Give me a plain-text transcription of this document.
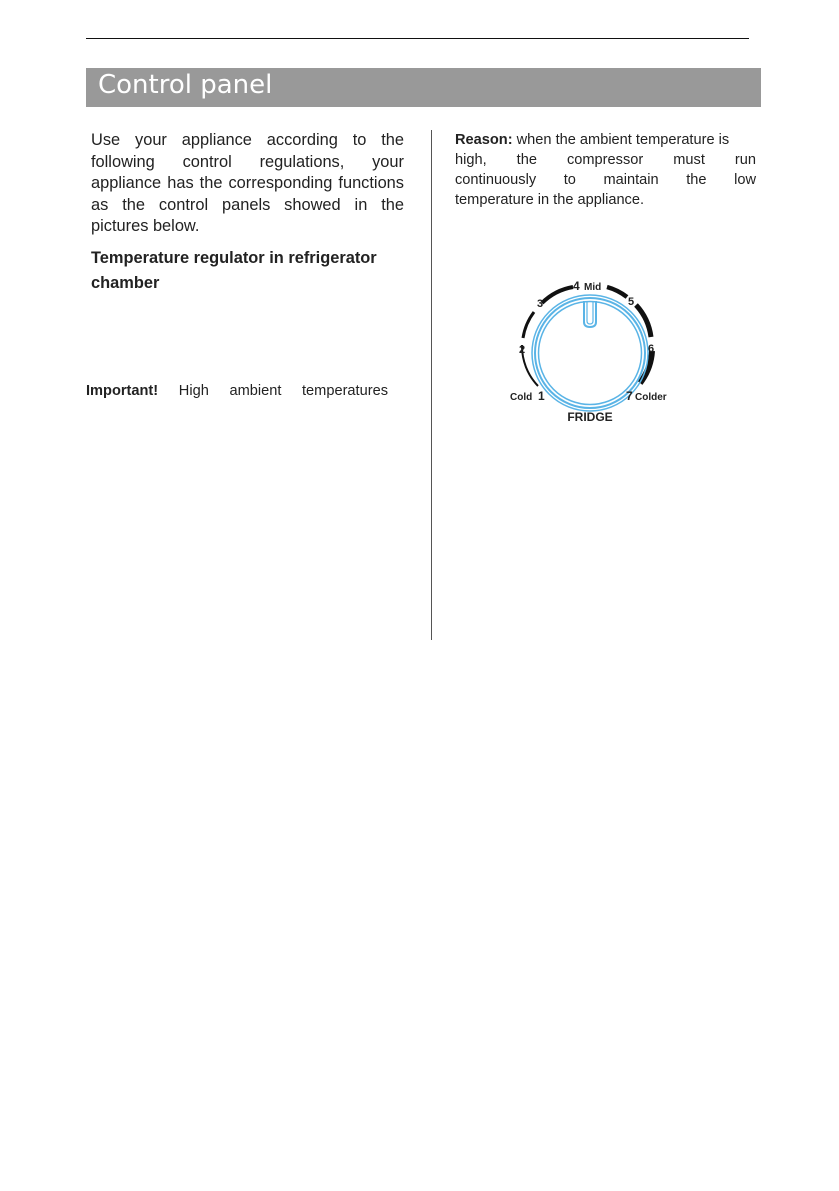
Control panel
Use your appliance according to the following control regulations, your appliance has the corresponding functions as the control panels showed in the pictures below.
Temperature regulator in refrigerator chamber
Important! High ambient temperatures
Reason: when the ambient temperature is
high, the compressor must run
continuously to maintain the low
temperature in the appliance.
Cold 1
2
3
4 Mid
5
6
7 Colder
FRIDGE
